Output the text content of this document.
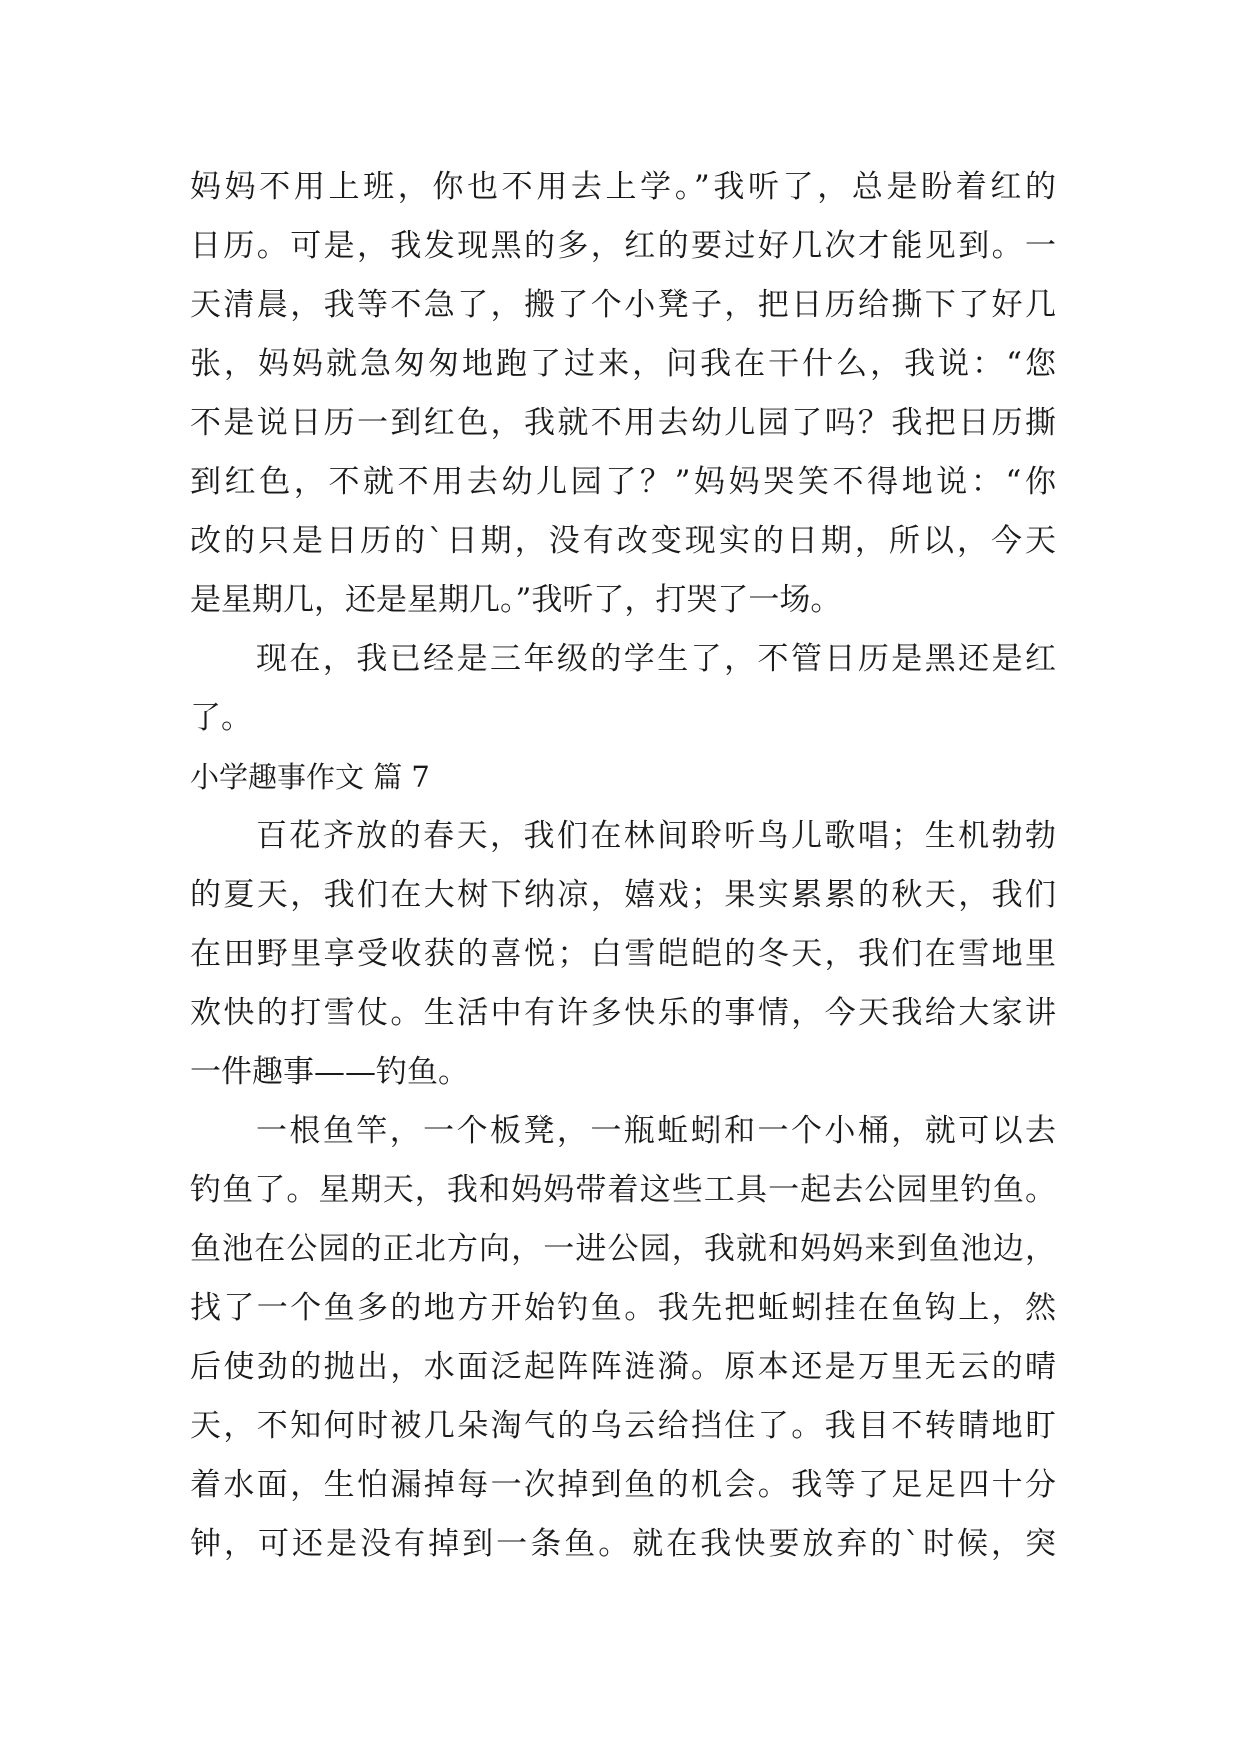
妈妈不用上班，你也不用去上学。”我听了，总是盼着红的
日历。可是，我发现黑的多，红的要过好几次才能见到。一
天清晨，我等不急了，搬了个小凳子，把日历给撕下了好几
张，妈妈就急匆匆地跑了过来，问我在干什么，我说：“您
不是说日历一到红色，我就不用去幼儿园了吗？我把日历撕
到红色，不就不用去幼儿园了？”妈妈哭笑不得地说：“你
改的只是日历的`日期，没有改变现实的日期，所以，今天
是星期几，还是星期几。”我听了，打哭了一场。
现在，我已经是三年级的学生了，不管日历是黑还是红
了。
小学趣事作文 篇 7
百花齐放的春天，我们在林间聆听鸟儿歌唱；生机勃勃
的夏天，我们在大树下纳凉，嬉戏；果实累累的秋天，我们
在田野里享受收获的喜悦；白雪皑皑的冬天，我们在雪地里
欢快的打雪仗。生活中有许多快乐的事情，今天我给大家讲
一件趣事——钓鱼。
一根鱼竿，一个板凳，一瓶蚯蚓和一个小桶，就可以去
钓鱼了。星期天，我和妈妈带着这些工具一起去公园里钓鱼。
鱼池在公园的正北方向，一进公园，我就和妈妈来到鱼池边，
找了一个鱼多的地方开始钓鱼。我先把蚯蚓挂在鱼钩上，然
后使劲的抛出，水面泛起阵阵涟漪。原本还是万里无云的晴
天，不知何时被几朵淘气的乌云给挡住了。我目不转睛地盯
着水面，生怕漏掉每一次掉到鱼的机会。我等了足足四十分
钟，可还是没有掉到一条鱼。就在我快要放弃的`时候，突
